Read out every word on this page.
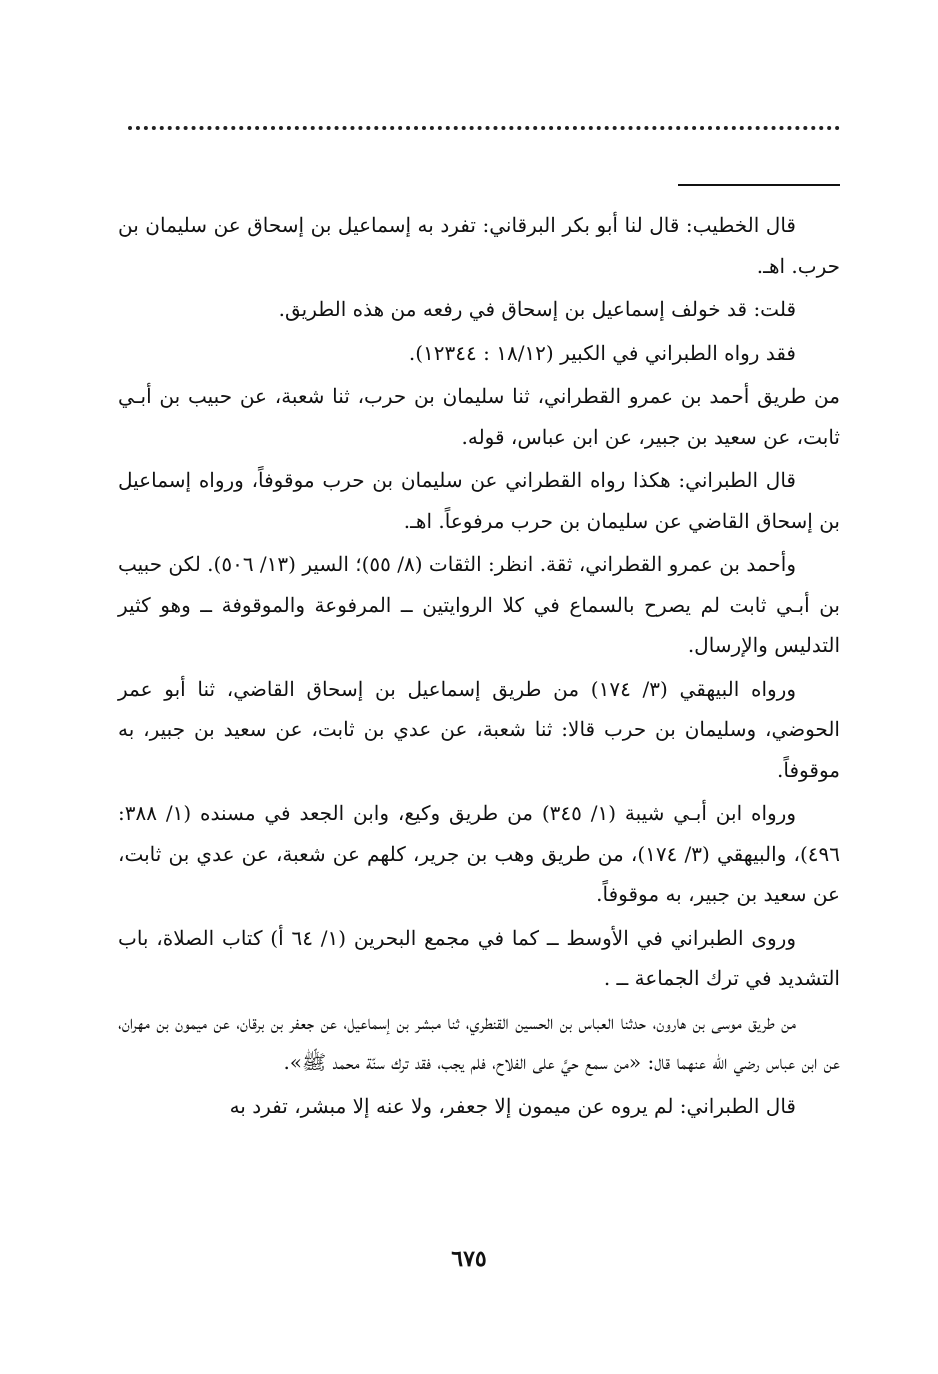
قال الخطيب: قال لنا أبو بكر البرقاني: تفرد به إسماعيل بن إسحاق عن سليمان بن حرب. اهـ.

قلت: قد خولف إسماعيل بن إسحاق في رفعه من هذه الطريق.

فقد رواه الطبراني في الكبير (١٨/١٢ : ١٢٣٤٤).

من طريق أحمد بن عمرو القطراني، ثنا سليمان بن حرب، ثنا شعبة، عن حبيب بن أبـي ثابت، عن سعيد بن جبير، عن ابن عباس، قوله.

قال الطبراني: هكذا رواه القطراني عن سليمان بن حرب موقوفاً، ورواه إسماعيل بن إسحاق القاضي عن سليمان بن حرب مرفوعاً. اهـ.

وأحمد بن عمرو القطراني، ثقة. انظر: الثقات (٨/ ٥٥)؛ السير (١٣/ ٥٠٦). لكن حبيب بن أبـي ثابت لم يصرح بالسماع في كلا الروايتين ــ المرفوعة والموقوفة ــ وهو كثير التدليس والإرسال.

ورواه البيهقي (٣/ ١٧٤) من طريق إسماعيل بن إسحاق القاضي، ثنا أبو عمر الحوضي، وسليمان بن حرب قالا: ثنا شعبة، عن عدي بن ثابت، عن سعيد بن جبير، به موقوفاً.

ورواه ابن أبـي شيبة (١/ ٣٤٥) من طريق وكيع، وابن الجعد في مسنده (١/ ٣٨٨: ٤٩٦)، والبيهقي (٣/ ١٧٤)، من طريق وهب بن جرير، كلهم عن شعبة، عن عدي بن ثابت، عن سعيد بن جبير، به موقوفاً.

وروى الطبراني في الأوسط ــ كما في مجمع البحرين (١/ ٦٤ أ) كتاب الصلاة، باب التشديد في ترك الجماعة ــ .

من طريق موسى بن هارون، حدثنا العباس بن الحسين القنطري، ثنا مبشر بن إسماعيل، عن جعفر بن برقان، عن ميمون بن مهران، عن ابن عباس رضي الله عنهما قال: «من سمع حيَّ على الفلاح، فلم يجب، فقد ترك سنّة محمد ﷺ».

قال الطبراني: لم يروه عن ميمون إلا جعفر، ولا عنه إلا مبشر، تفرد به

٦٧٥
